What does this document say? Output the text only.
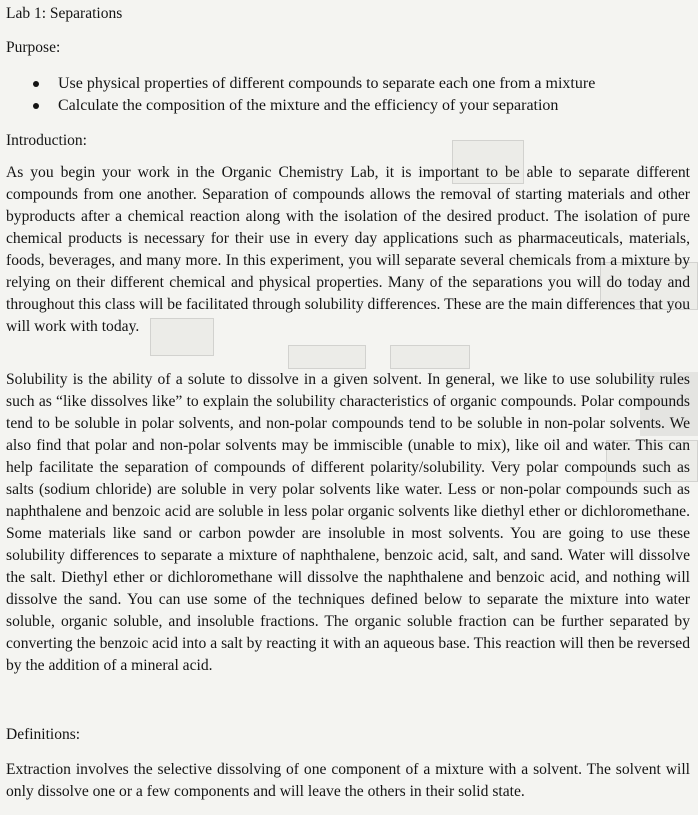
Lab 1: Separations

Purpose:

Use physical properties of different compounds to separate each one from a mixture
Calculate the composition of the mixture and the efficiency of your separation

Introduction:

As you begin your work in the Organic Chemistry Lab, it is important to be able to separate different compounds from one another. Separation of compounds allows the removal of starting materials and other byproducts after a chemical reaction along with the isolation of the desired product. The isolation of pure chemical products is necessary for their use in every day applications such as pharmaceuticals, materials, foods, beverages, and many more. In this experiment, you will separate several chemicals from a mixture by relying on their different chemical and physical properties. Many of the separations you will do today and throughout this class will be facilitated through solubility differences. These are the main differences that you will work with today.

Solubility is the ability of a solute to dissolve in a given solvent. In general, we like to use solubility rules such as “like dissolves like” to explain the solubility characteristics of organic compounds. Polar compounds tend to be soluble in polar solvents, and non-polar compounds tend to be soluble in non-polar solvents. We also find that polar and non-polar solvents may be immiscible (unable to mix), like oil and water. This can help facilitate the separation of compounds of different polarity/solubility. Very polar compounds such as salts (sodium chloride) are soluble in very polar solvents like water. Less or non-polar compounds such as naphthalene and benzoic acid are soluble in less polar organic solvents like diethyl ether or dichloromethane. Some materials like sand or carbon powder are insoluble in most solvents. You are going to use these solubility differences to separate a mixture of naphthalene, benzoic acid, salt, and sand. Water will dissolve the salt. Diethyl ether or dichloromethane will dissolve the naphthalene and benzoic acid, and nothing will dissolve the sand. You can use some of the techniques defined below to separate the mixture into water soluble, organic soluble, and insoluble fractions. The organic soluble fraction can be further separated by converting the benzoic acid into a salt by reacting it with an aqueous base. This reaction will then be reversed by the addition of a mineral acid.

Definitions:

Extraction involves the selective dissolving of one component of a mixture with a solvent. The solvent will only dissolve one or a few components and will leave the others in their solid state.
